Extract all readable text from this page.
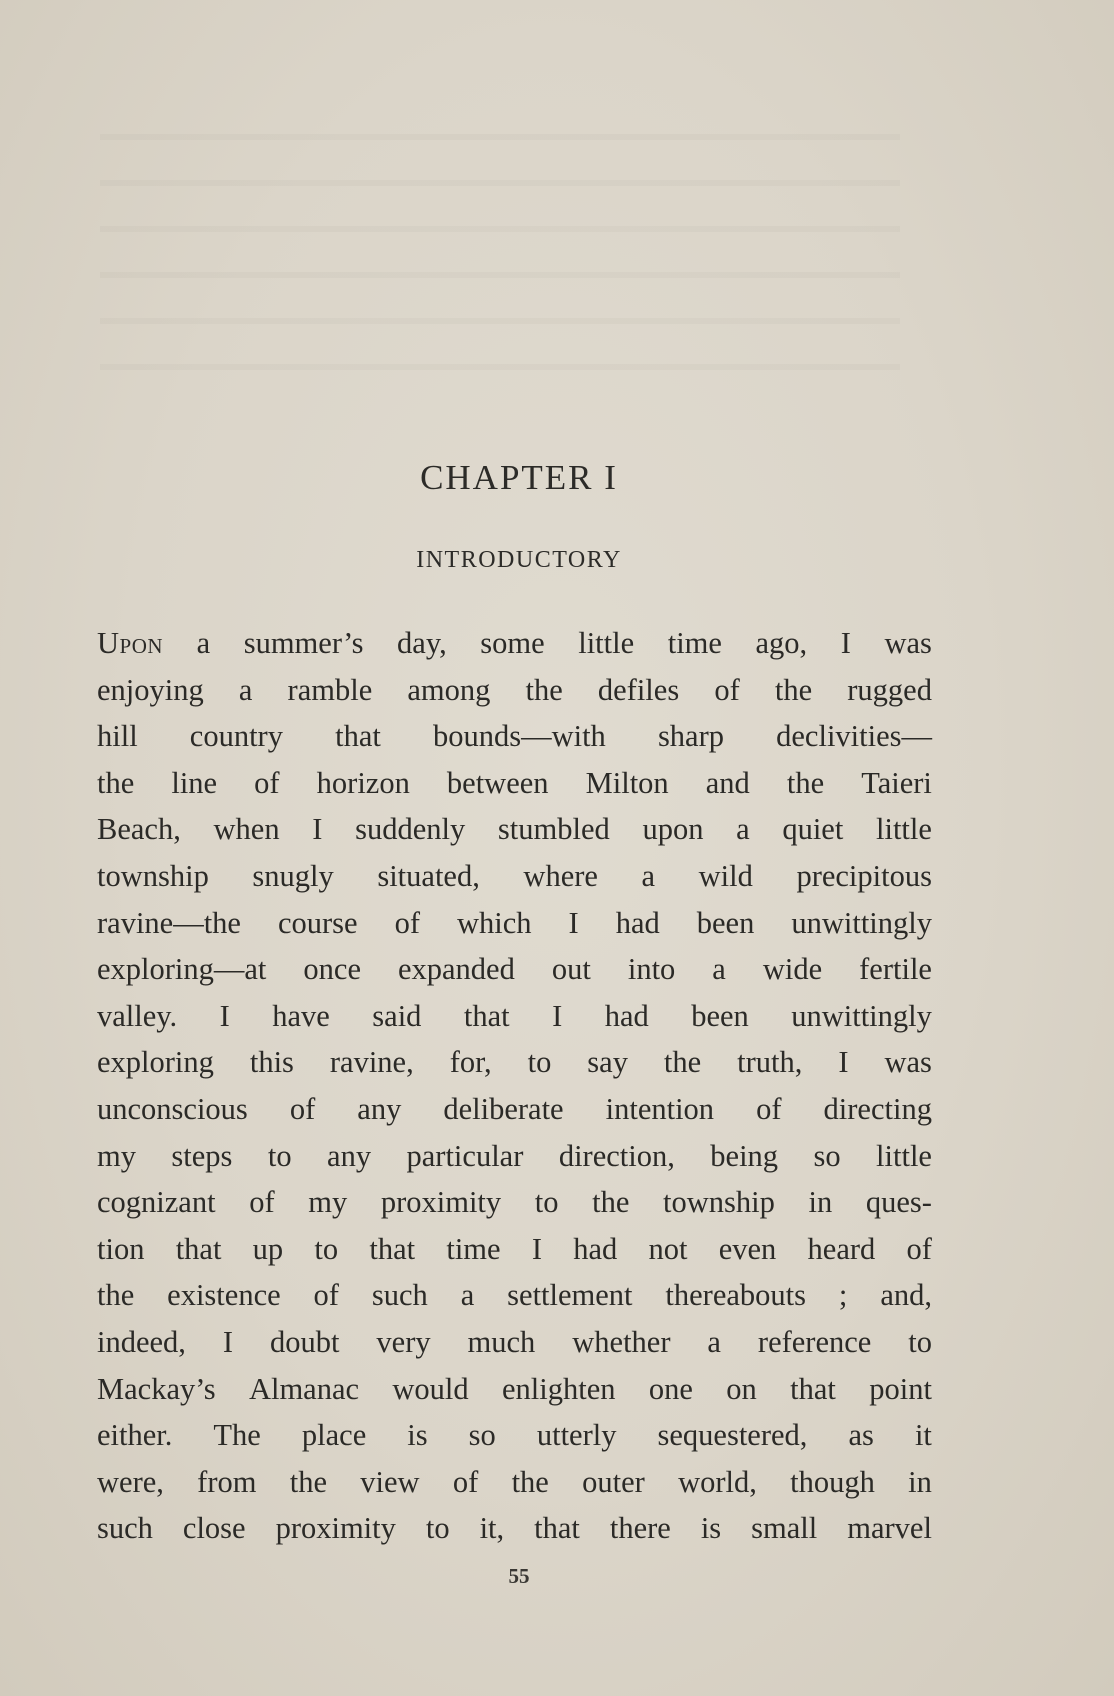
CHAPTER I
INTRODUCTORY
Upon a summer’s day, some little time ago, I was
enjoying a ramble among the defiles of the rugged
hill country that bounds—with sharp declivities—
the line of horizon between Milton and the Taieri
Beach, when I suddenly stumbled upon a quiet little
township snugly situated, where a wild precipitous
ravine—the course of which I had been unwittingly
exploring—at once expanded out into a wide fertile
valley. I have said that I had been unwittingly
exploring this ravine, for, to say the truth, I was
unconscious of any deliberate intention of directing
my steps to any particular direction, being so little
cognizant of my proximity to the township in ques-
tion that up to that time I had not even heard of
the existence of such a settlement thereabouts ; and,
indeed, I doubt very much whether a reference to
Mackay’s Almanac would enlighten one on that point
either. The place is so utterly sequestered, as it
were, from the view of the outer world, though in
such close proximity to it, that there is small marvel
55
